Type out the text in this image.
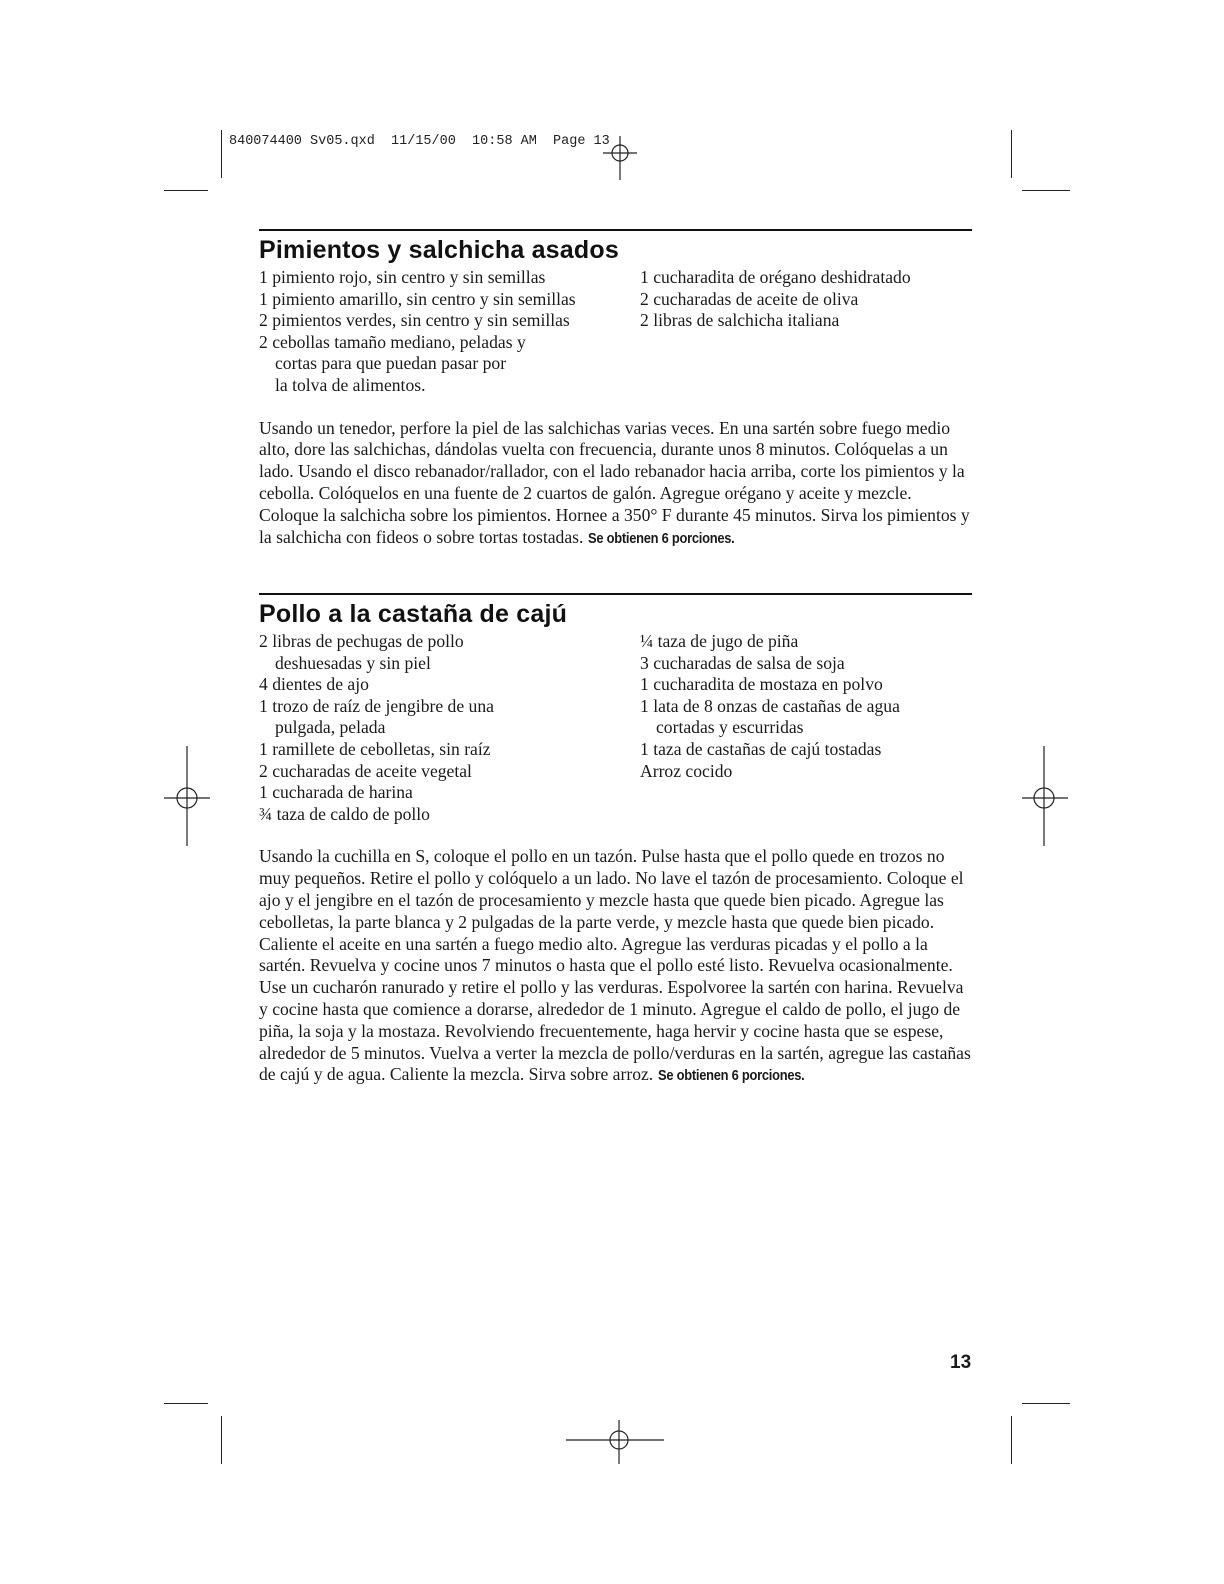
840074400 Sv05.qxd  11/15/00  10:58 AM  Page 13
Pimientos y salchicha asados
1 pimiento rojo, sin centro y sin semillas
1 pimiento amarillo, sin centro y sin semillas
2 pimientos verdes, sin centro y sin semillas
2 cebollas tamaño mediano, peladas y
cortas para que puedan pasar por
la tolva de alimentos.
1 cucharadita de orégano deshidratado
2 cucharadas de aceite de oliva
2 libras de salchicha italiana
Usando un tenedor, perfore la piel de las salchichas varias veces. En una sartén sobre fuego medio alto, dore las salchichas, dándolas vuelta con frecuencia, durante unos 8 minutos. Colóquelas a un lado. Usando el disco rebanador/rallador, con el lado rebanador hacia arriba, corte los pimientos y la cebolla. Colóquelos en una fuente de 2 cuartos de galón. Agregue orégano y aceite y mezcle. Coloque la salchicha sobre los pimientos. Hornee a 350° F durante 45 minutos. Sirva los pimientos y la salchicha con fideos o sobre tortas tostadas. Se obtienen 6 porciones.
Pollo a la castaña de cajú
2 libras de pechugas de pollo
deshuesadas y sin piel
4 dientes de ajo
1 trozo de raíz de jengibre de una
pulgada, pelada
1 ramillete de cebolletas, sin raíz
2 cucharadas de aceite vegetal
1 cucharada de harina
¾ taza de caldo de pollo
¼ taza de jugo de piña
3 cucharadas de salsa de soja
1 cucharadita de mostaza en polvo
1 lata de 8 onzas de castañas de agua
cortadas y escurridas
1 taza de castañas de cajú tostadas
Arroz cocido
Usando la cuchilla en S, coloque el pollo en un tazón. Pulse hasta que el pollo quede en trozos no muy pequeños. Retire el pollo y colóquelo a un lado. No lave el tazón de procesamiento. Coloque el ajo y el jengibre en el tazón de procesamiento y mezcle hasta que quede bien picado. Agregue las cebolletas, la parte blanca y 2 pulgadas de la parte verde, y mezcle hasta que quede bien picado. Caliente el aceite en una sartén a fuego medio alto. Agregue las verduras picadas y el pollo a la sartén. Revuelva y cocine unos 7 minutos o hasta que el pollo esté listo. Revuelva ocasionalmente. Use un cucharón ranurado y retire el pollo y las verduras. Espolvoree la sartén con harina. Revuelva y cocine hasta que comience a dorarse, alrededor de 1 minuto. Agregue el caldo de pollo, el jugo de piña, la soja y la mostaza. Revolviendo frecuentemente, haga hervir y cocine hasta que se espese, alrededor de 5 minutos. Vuelva a verter la mezcla de pollo/verduras en la sartén, agregue las castañas de cajú y de agua. Caliente la mezcla. Sirva sobre arroz. Se obtienen 6 porciones.
13
